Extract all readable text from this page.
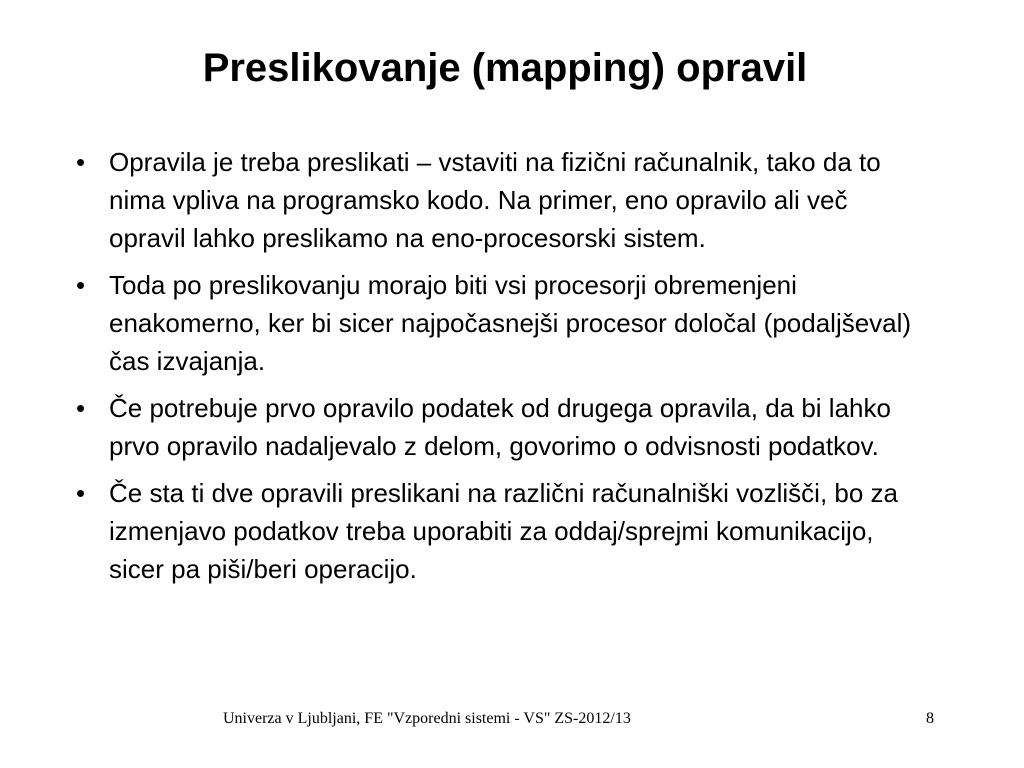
Preslikovanje (mapping) opravil
• Opravila je treba preslikati – vstaviti na fizični računalnik, tako da to nima vpliva na programsko kodo. Na primer, eno opravilo ali več opravil lahko preslikamo na eno-procesorski sistem.
• Toda po preslikovanju morajo biti vsi procesorji obremenjeni enakomerno, ker bi sicer najpočasnejši procesor določal (podaljševal) čas izvajanja.
• Če potrebuje prvo opravilo podatek od drugega opravila, da bi lahko prvo opravilo nadaljevalo z delom, govorimo o odvisnosti podatkov.
• Če sta ti dve opravili preslikani na različni računalniški vozlišči, bo za izmenjavo podatkov treba uporabiti za oddaj/sprejmi komunikacijo, sicer pa piši/beri operacijo.
Univerza v Ljubljani, FE "Vzporedni sistemi - VS" ZS-2012/13	8
